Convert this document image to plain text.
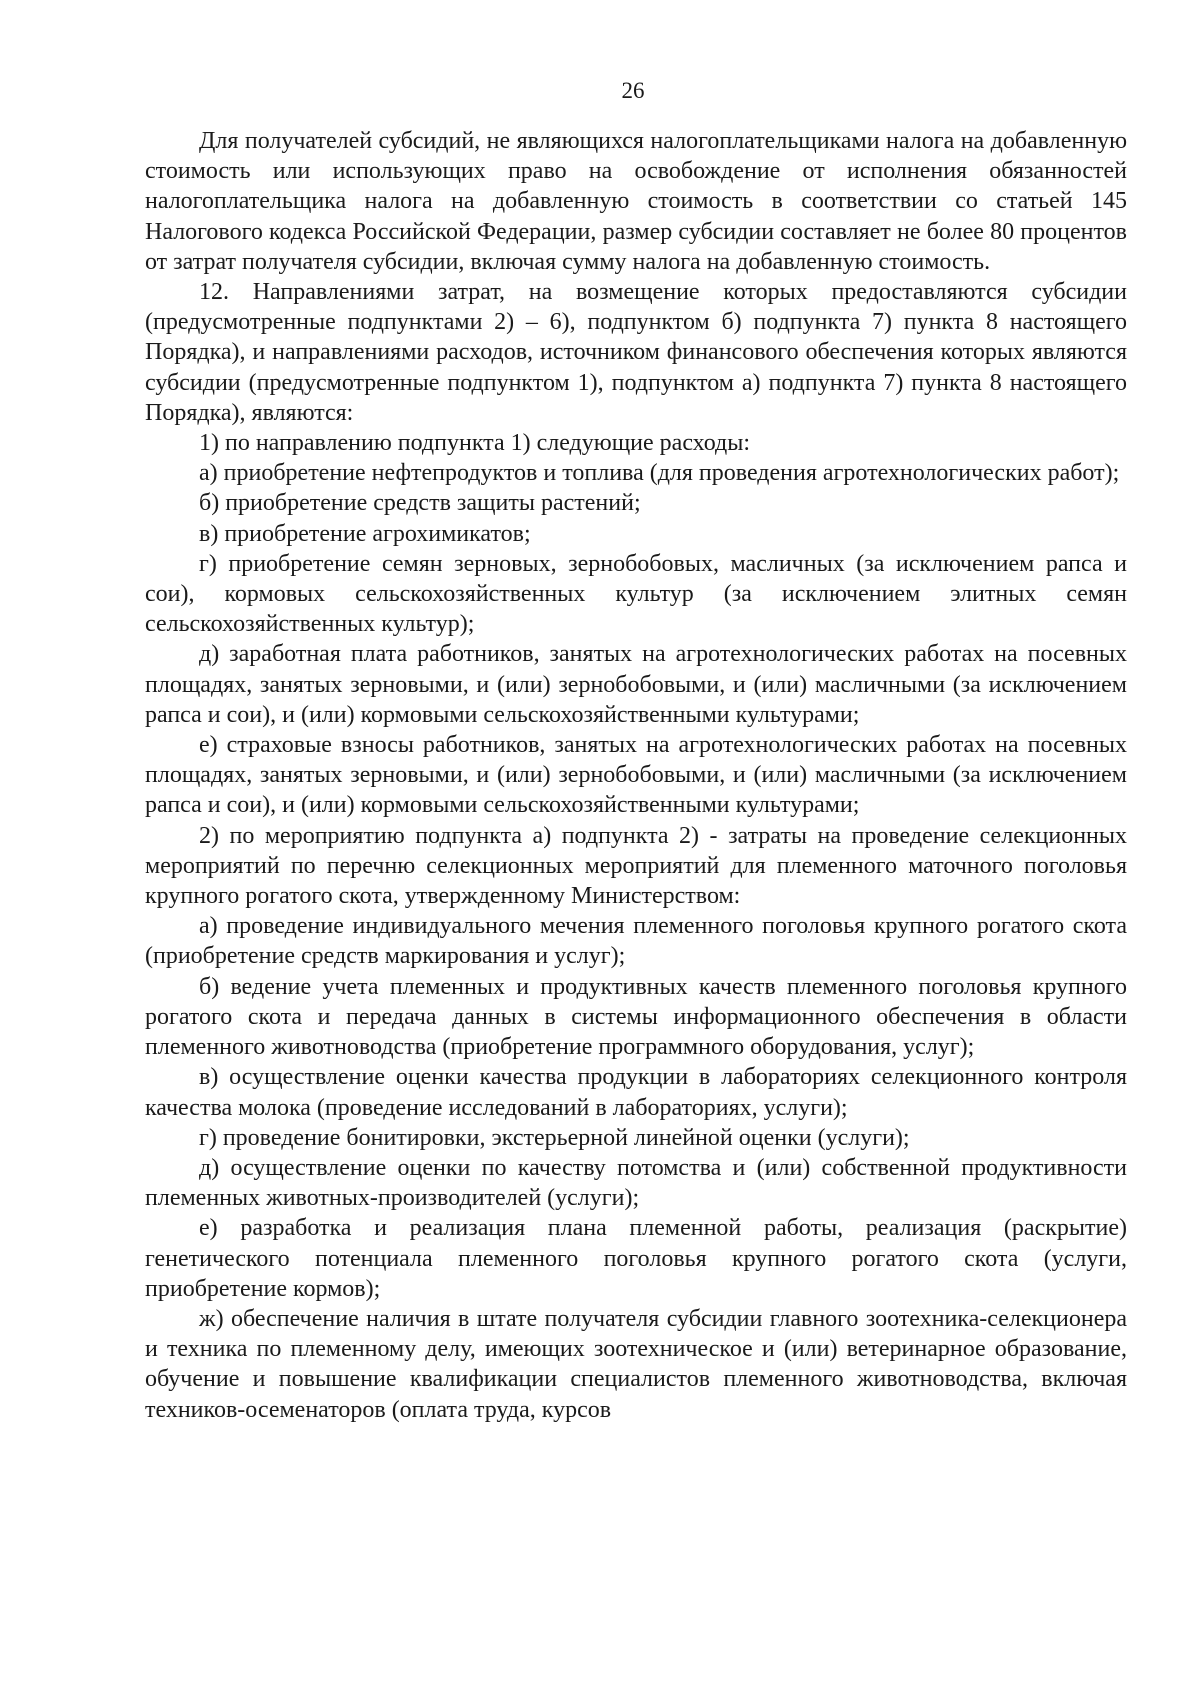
26

Для получателей субсидий, не являющихся налогоплательщиками налога на добавленную стоимость или использующих право на освобождение от исполнения обязанностей налогоплательщика налога на добавленную стоимость в соответствии со статьей 145 Налогового кодекса Российской Федерации, размер субсидии составляет не более 80 процентов от затрат получателя субсидии, включая сумму налога на добавленную стоимость.

12. Направлениями затрат, на возмещение которых предоставляются субсидии (предусмотренные подпунктами 2) – 6), подпунктом б) подпункта 7) пункта 8 настоящего Порядка), и направлениями расходов, источником финансового обеспечения которых являются субсидии (предусмотренные подпунктом 1), подпунктом а) подпункта 7) пункта 8 настоящего Порядка), являются:

1) по направлению подпункта 1) следующие расходы:

а) приобретение нефтепродуктов и топлива (для проведения агротехнологических работ);

б) приобретение средств защиты растений;

в) приобретение агрохимикатов;

г) приобретение семян зерновых, зернобобовых, масличных (за исключением рапса и сои), кормовых сельскохозяйственных культур (за исключением элитных семян сельскохозяйственных культур);

д) заработная плата работников, занятых на агротехнологических работах на посевных площадях, занятых зерновыми, и (или) зернобобовыми, и (или) масличными (за исключением рапса и сои), и (или) кормовыми сельскохозяйственными культурами;

е) страховые взносы работников, занятых на агротехнологических работах на посевных площадях, занятых зерновыми, и (или) зернобобовыми, и (или) масличными (за исключением рапса и сои), и (или) кормовыми сельскохозяйственными культурами;

2) по мероприятию подпункта а) подпункта 2) - затраты на проведение селекционных мероприятий по перечню селекционных мероприятий для племенного маточного поголовья крупного рогатого скота, утвержденному Министерством:

а) проведение индивидуального мечения племенного поголовья крупного рогатого скота (приобретение средств маркирования и услуг);

б) ведение учета племенных и продуктивных качеств племенного поголовья крупного рогатого скота и передача данных в системы информационного обеспечения в области племенного животноводства (приобретение программного оборудования, услуг);

в) осуществление оценки качества продукции в лабораториях селекционного контроля качества молока (проведение исследований в лабораториях, услуги);

г) проведение бонитировки, экстерьерной линейной оценки (услуги);

д) осуществление оценки по качеству потомства и (или) собственной продуктивности племенных животных-производителей (услуги);

е) разработка и реализация плана племенной работы, реализация (раскрытие) генетического потенциала племенного поголовья крупного рогатого скота (услуги, приобретение кормов);

ж) обеспечение наличия в штате получателя субсидии главного зоотехника-селекционера и техника по племенному делу, имеющих зоотехническое и (или) ветеринарное образование, обучение и повышение квалификации специалистов племенного животноводства, включая техников-осеменаторов (оплата труда, курсов
